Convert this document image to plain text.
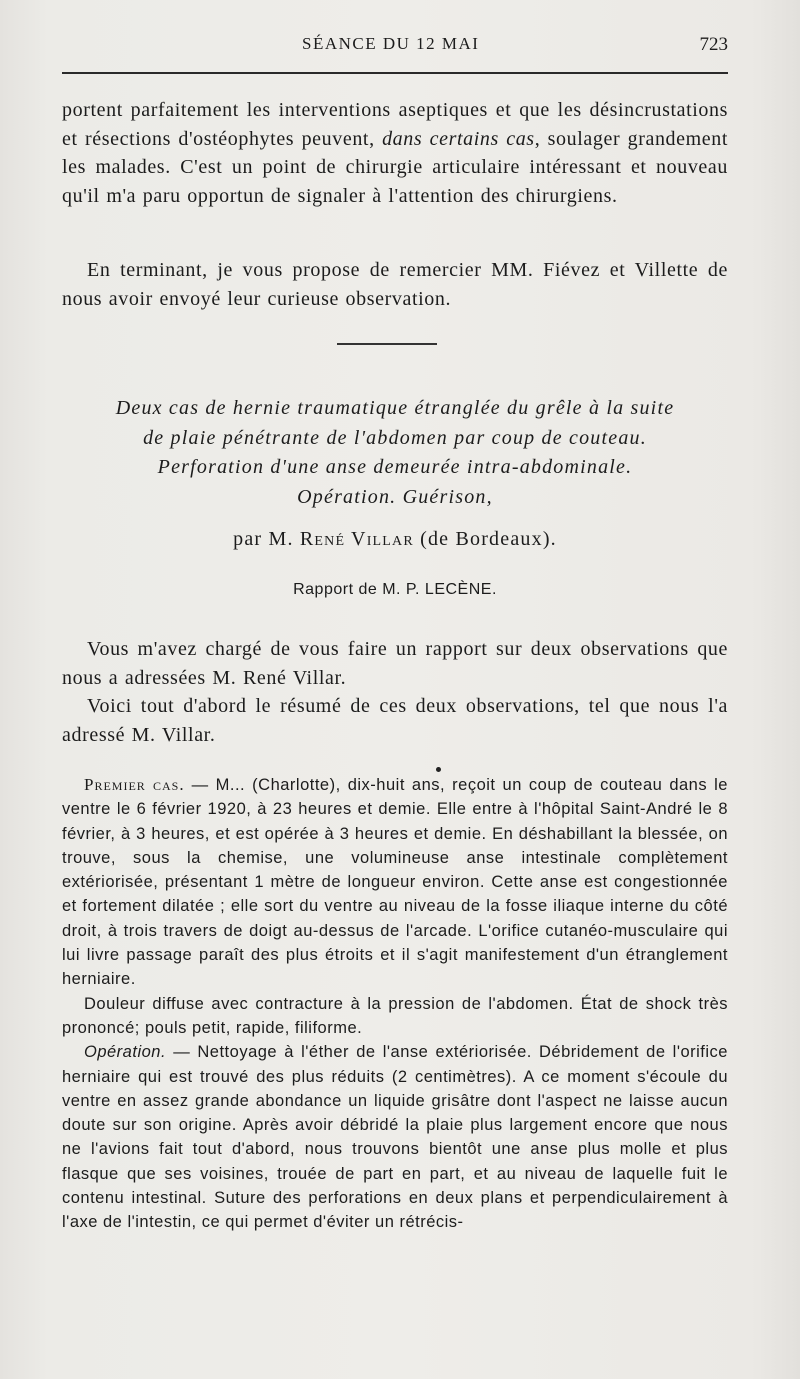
SÉANCE DU 12 MAI	723

portent parfaitement les interventions aseptiques et que les désincrustations et résections d'ostéophytes peuvent, dans certains cas, soulager grandement les malades. C'est un point de chirurgie articulaire intéressant et nouveau qu'il m'a paru opportun de signaler à l'attention des chirurgiens.

En terminant, je vous propose de remercier MM. Fiévez et Villette de nous avoir envoyé leur curieuse observation.

Deux cas de hernie traumatique étranglée du grêle à la suite
de plaie pénétrante de l'abdomen par coup de couteau.
Perforation d'une anse demeurée intra-abdominale.
Opération. Guérison,
par M. René Villar (de Bordeaux).
Rapport de M. P. LECÈNE.

Vous m'avez chargé de vous faire un rapport sur deux observations que nous a adressées M. René Villar.

Voici tout d'abord le résumé de ces deux observations, tel que nous l'a adressé M. Villar.

Premier cas. — M... (Charlotte), dix-huit ans, reçoit un coup de couteau dans le ventre le 6 février 1920, à 23 heures et demie. Elle entre à l'hôpital Saint-André le 8 février, à 3 heures, et est opérée à 3 heures et demie. En déshabillant la blessée, on trouve, sous la chemise, une volumineuse anse intestinale complètement extériorisée, présentant 1 mètre de longueur environ. Cette anse est congestionnée et fortement dilatée ; elle sort du ventre au niveau de la fosse iliaque interne du côté droit, à trois travers de doigt au-dessus de l'arcade. L'orifice cutanéo-musculaire qui lui livre passage paraît des plus étroits et il s'agit manifestement d'un étranglement herniaire.

Douleur diffuse avec contracture à la pression de l'abdomen. État de shock très prononcé; pouls petit, rapide, filiforme.

Opération. — Nettoyage à l'éther de l'anse extériorisée. Débridement de l'orifice herniaire qui est trouvé des plus réduits (2 centimètres). A ce moment s'écoule du ventre en assez grande abondance un liquide grisâtre dont l'aspect ne laisse aucun doute sur son origine. Après avoir débridé la plaie plus largement encore que nous ne l'avions fait tout d'abord, nous trouvons bientôt une anse plus molle et plus flasque que ses voisines, trouée de part en part, et au niveau de laquelle fuit le contenu intestinal. Suture des perforations en deux plans et perpendiculairement à l'axe de l'intestin, ce qui permet d'éviter un rétrécis-
